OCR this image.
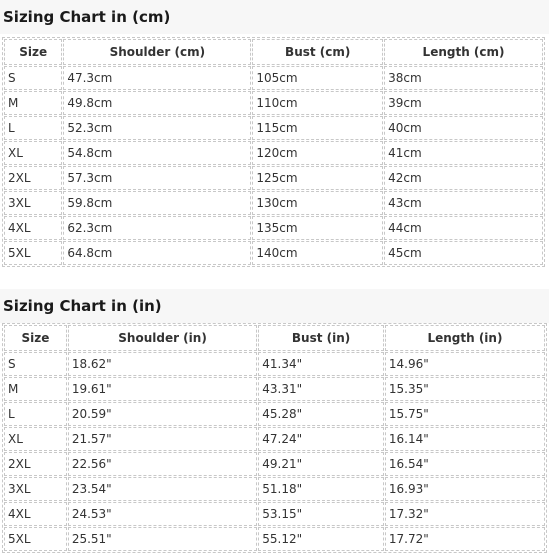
Sizing Chart in (cm)
Size	Shoulder (cm)	Bust (cm)	Length (cm)
S	47.3cm	105cm	38cm
M	49.8cm	110cm	39cm
L	52.3cm	115cm	40cm
XL	54.8cm	120cm	41cm
2XL	57.3cm	125cm	42cm
3XL	59.8cm	130cm	43cm
4XL	62.3cm	135cm	44cm
5XL	64.8cm	140cm	45cm
Sizing Chart in (in)
Size	Shoulder (in)	Bust (in)	Length (in)
S	18.62"	41.34"	14.96"
M	19.61"	43.31"	15.35"
L	20.59"	45.28"	15.75"
XL	21.57"	47.24"	16.14"
2XL	22.56"	49.21"	16.54"
3XL	23.54"	51.18"	16.93"
4XL	24.53"	53.15"	17.32"
5XL	25.51"	55.12"	17.72"
